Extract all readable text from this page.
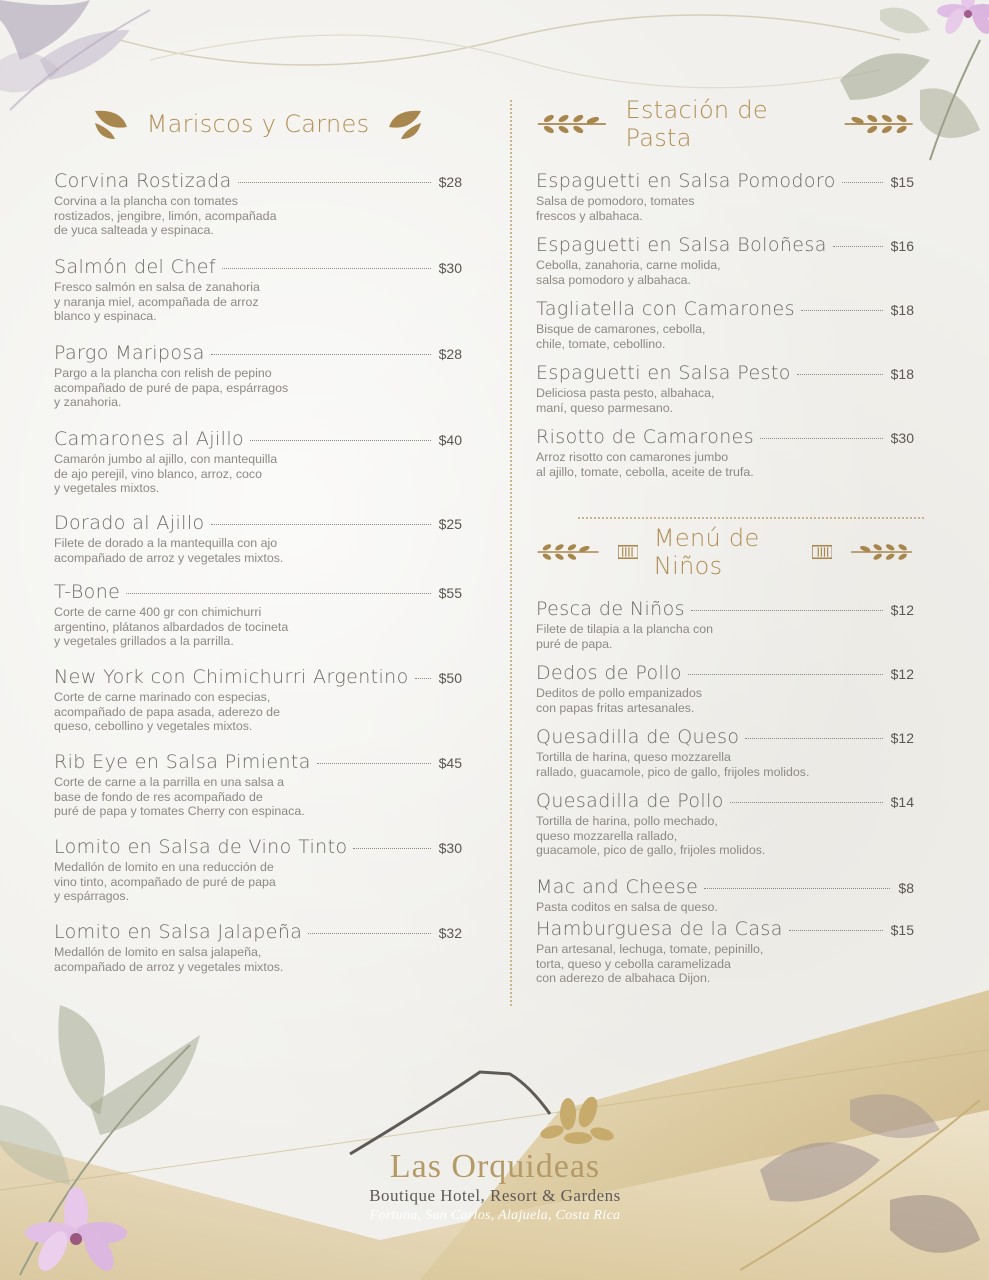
Mariscos y Carnes
Corvina Rostizada	$28
Corvina a la plancha con tomates
rostizados, jengibre, limón, acompañada
de yuca salteada y espinaca.
Salmón del Chef	$30
Fresco salmón en salsa de zanahoria
y naranja miel, acompañada de arroz
blanco y espinaca.
Pargo Mariposa	$28
Pargo a la plancha con relish de pepino
acompañado de puré de papa, espárragos
y zanahoria.
Camarones al Ajillo	$40
Camarón jumbo al ajillo, con mantequilla
de ajo perejil, vino blanco, arroz, coco
y vegetales mixtos.
Dorado al Ajillo	$25
Filete de dorado a la mantequilla con ajo
acompañado de arroz y vegetales mixtos.
T-Bone	$55
Corte de carne 400 gr con chimichurri
argentino, plátanos albardados de tocineta
y vegetales grillados a la parrilla.
New York con Chimichurri Argentino $50
Corte de carne marinado con especias,
acompañado de papa asada, aderezo de
queso, cebollino y vegetales mixtos.
Rib Eye en Salsa Pimienta	$45
Corte de carne a la parrilla en una salsa a
base de fondo de res acompañado de
puré de papa y tomates Cherry con espinaca.
Lomito en Salsa de Vino Tinto	$30
Medallón de lomito en una reducción de
vino tinto, acompañado de puré de papa
y espárragos.
Lomito en Salsa Jalapeña	$32
Medallón de lomito en salsa jalapeña,
acompañado de arroz y vegetales mixtos.
Estación de Pasta
Espaguetti en Salsa Pomodoro	$15
Salsa de pomodoro, tomates
frescos y albahaca.
Espaguetti en Salsa Boloñesa	$16
Cebolla, zanahoria, carne molida,
salsa pomodoro y albahaca.
Tagliatella con Camarones	$18
Bisque de camarones, cebolla,
chile, tomate, cebollino.
Espaguetti en Salsa Pesto	$18
Deliciosa pasta pesto, albahaca,
maní, queso parmesano.
Risotto de Camarones	$30
Arroz risotto con camarones jumbo
al ajillo, tomate, cebolla, aceite de trufa.
Menú de Niños
Pesca de Niños	$12
Filete de tilapia a la plancha con
puré de papa.
Dedos de Pollo	$12
Deditos de pollo empanizados
con papas fritas artesanales.
Quesadilla de Queso	$12
Tortilla de harina, queso mozzarella
rallado, guacamole, pico de gallo, frijoles molidos.
Quesadilla de Pollo	$14
Tortilla de harina, pollo mechado,
queso mozzarella rallado,
guacamole, pico de gallo, frijoles molidos.
Mac and Cheese	$8
Pasta coditos en salsa de queso.
Hamburguesa de la Casa	$15
Pan artesanal, lechuga, tomate, pepinillo,
torta, queso y cebolla caramelizada
con aderezo de albahaca Dijon.
Las Orquideas
Boutique Hotel, Resort & Gardens
Fortuna, San Carlos, Alajuela, Costa Rica
